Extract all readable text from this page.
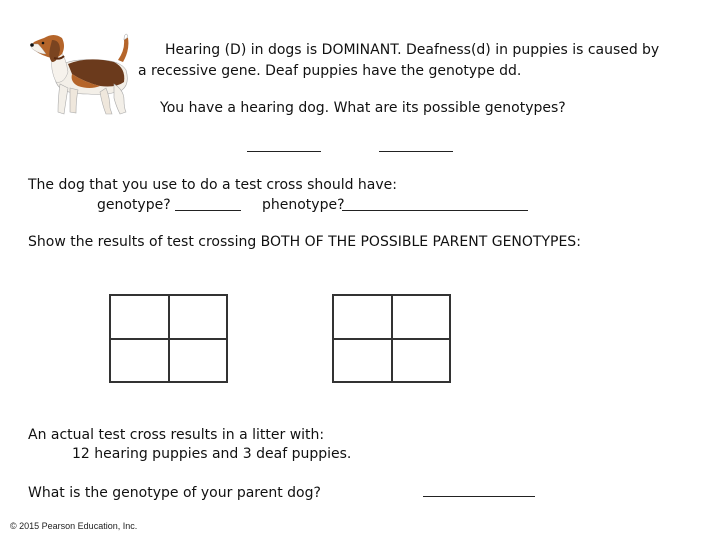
Hearing (D) in dogs is DOMINANT. Deafness(d) in puppies is caused by
a recessive gene. Deaf puppies have the genotype dd.
You have a hearing dog. What are its possible genotypes?
The dog that you use to do a test cross should have:
genotype?	phenotype?
Show the results of test crossing BOTH OF THE POSSIBLE PARENT GENOTYPES:
An actual test cross results in a litter with:
12 hearing puppies and 3 deaf puppies.
What is the genotype of your parent dog?
© 2015 Pearson Education, Inc.
